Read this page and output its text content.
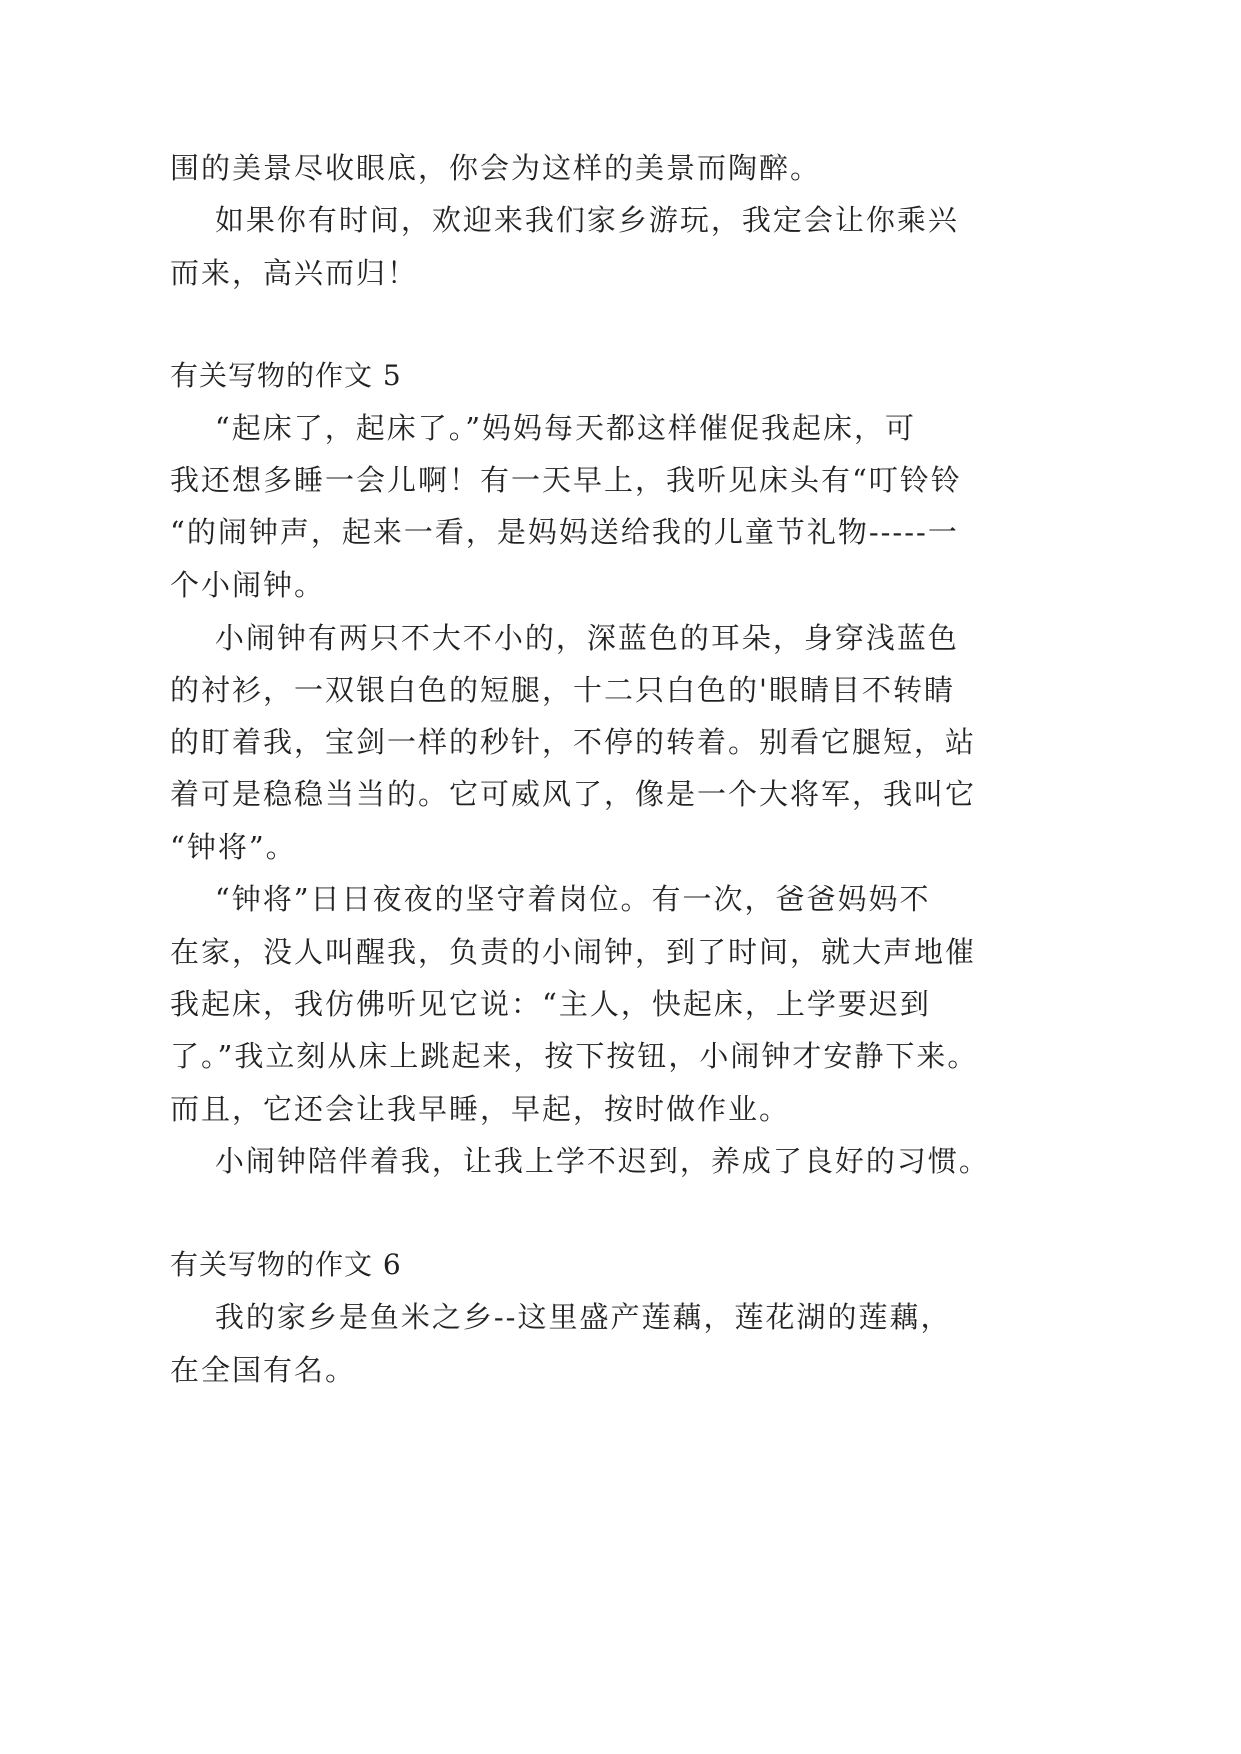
围的美景尽收眼底，你会为这样的美景而陶醉。
如果你有时间，欢迎来我们家乡游玩，我定会让你乘兴
而来，高兴而归！
有关写物的作文 5
“起床了，起床了。”妈妈每天都这样催促我起床，可
我还想多睡一会儿啊！有一天早上，我听见床头有“叮铃铃
“的闹钟声，起来一看，是妈妈送给我的儿童节礼物-----一
个小闹钟。
小闹钟有两只不大不小的，深蓝色的耳朵，身穿浅蓝色
的衬衫，一双银白色的短腿，十二只白色的'眼睛目不转睛
的盯着我，宝剑一样的秒针，不停的转着。别看它腿短，站
着可是稳稳当当的。它可威风了，像是一个大将军，我叫它
“钟将”。
“钟将”日日夜夜的坚守着岗位。有一次，爸爸妈妈不
在家，没人叫醒我，负责的小闹钟，到了时间，就大声地催
我起床，我仿佛听见它说：“主人，快起床，上学要迟到
了。”我立刻从床上跳起来，按下按钮，小闹钟才安静下来。
而且，它还会让我早睡，早起，按时做作业。
小闹钟陪伴着我，让我上学不迟到，养成了良好的习惯。
有关写物的作文 6
我的家乡是鱼米之乡--这里盛产莲藕，莲花湖的莲藕，
在全国有名。
